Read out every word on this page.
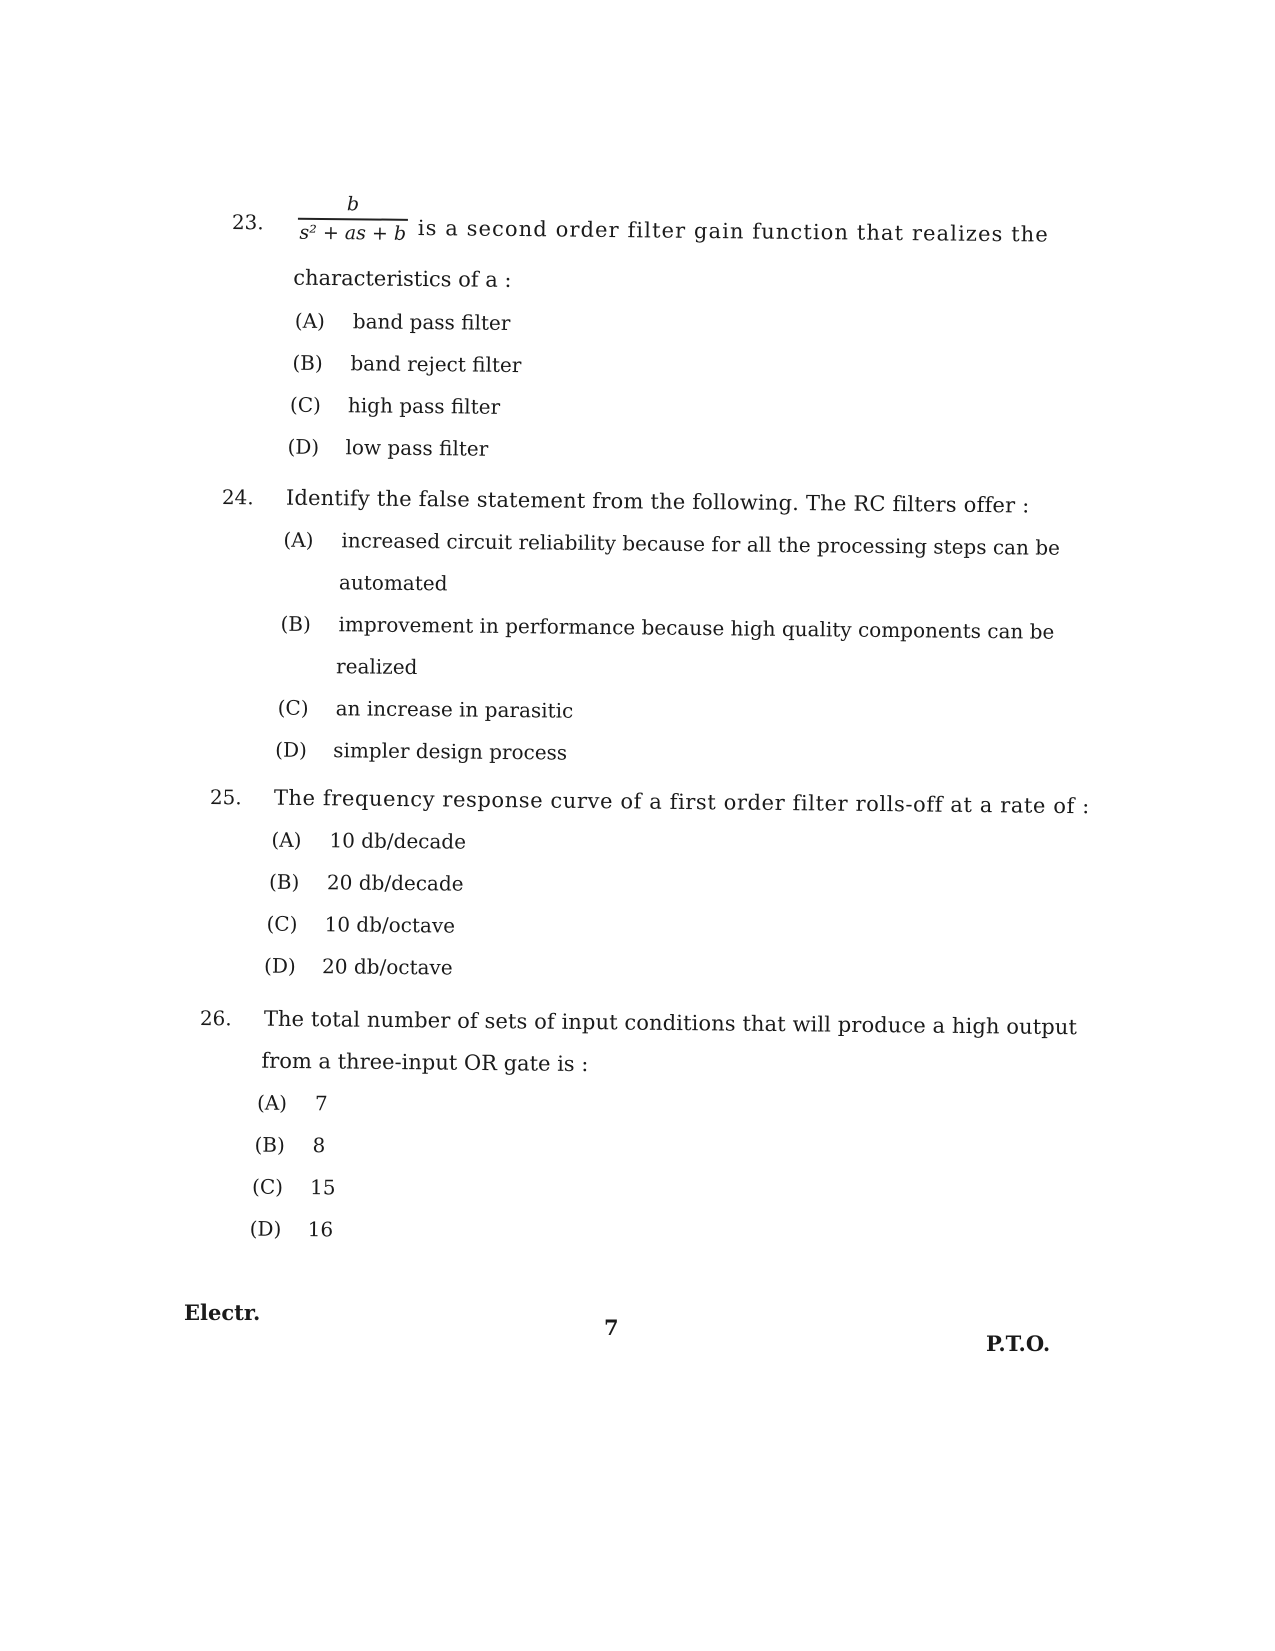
23. $\frac{b}{\text{s² + as + b}}$ is a second order filter gain function that realizes the
characteristics of a :
(A) band pass filter
(B) band reject filter
(C) high pass filter
(D) low pass filter
24. Identify the false statement from the following. The RC filters offer :
(A) increased circuit reliability because for all the processing steps can be
automated
(B) improvement in performance because high quality components can be
realized
(C) an increase in parasitic
(D) simpler design process
25. The frequency response curve of a first order filter rolls-off at a rate of :
(A) 10 db/decade
(B) 20 db/decade
(C) 10 db/octave
(D) 20 db/octave
26. The total number of sets of input conditions that will produce a high output
from a three-input OR gate is :
(A) 7
(B) 8
(C) 15
(D) 16
Electr.
7
P.T.O.
